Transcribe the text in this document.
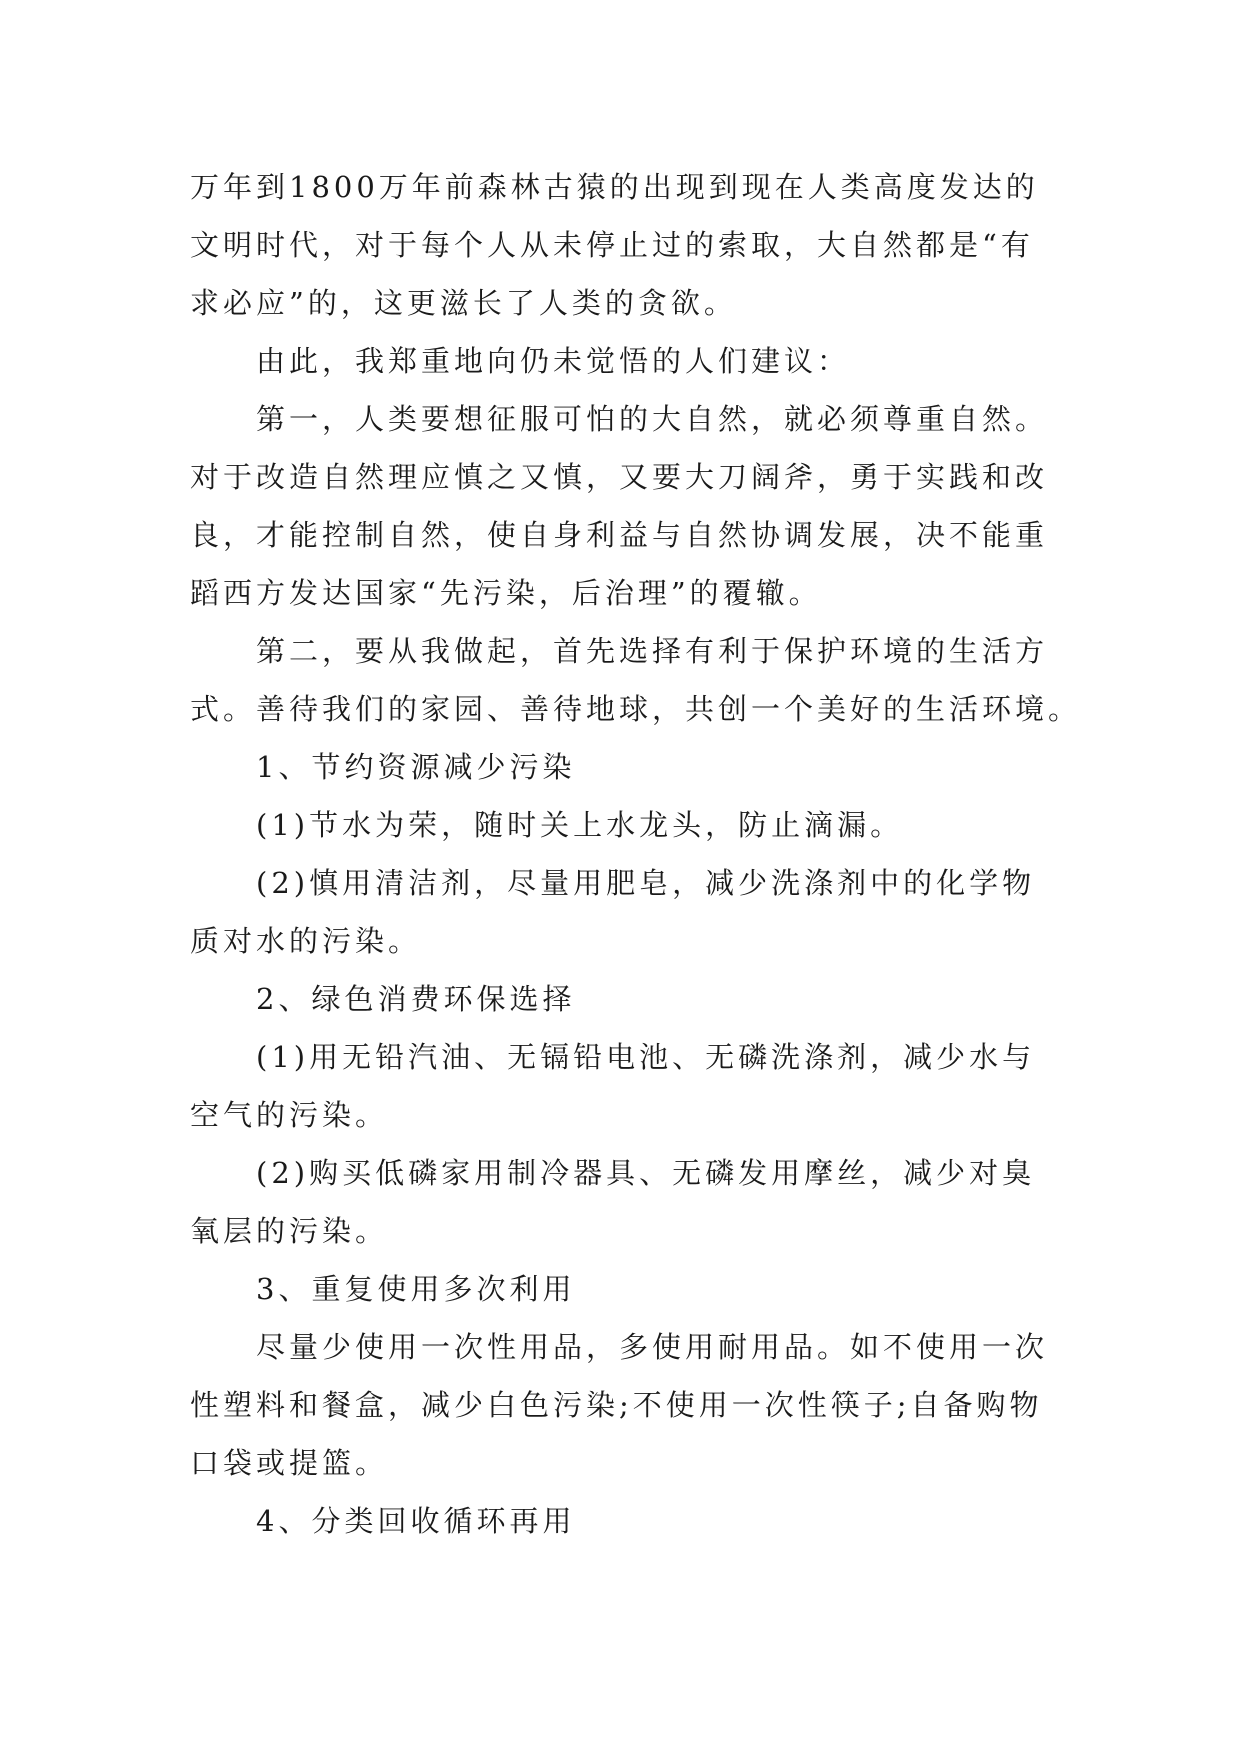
万年到1800万年前森林古猿的出现到现在人类高度发达的
文明时代，对于每个人从未停止过的索取，大自然都是“有
求必应”的，这更滋长了人类的贪欲。
由此，我郑重地向仍未觉悟的人们建议：
第一，人类要想征服可怕的大自然，就必须尊重自然。
对于改造自然理应慎之又慎，又要大刀阔斧，勇于实践和改
良，才能控制自然，使自身利益与自然协调发展，决不能重
蹈西方发达国家“先污染，后治理”的覆辙。
第二，要从我做起，首先选择有利于保护环境的生活方
式。善待我们的家园、善待地球，共创一个美好的生活环境。
1、节约资源减少污染
(1)节水为荣，随时关上水龙头，防止滴漏。
(2)慎用清洁剂，尽量用肥皂，减少洗涤剂中的化学物
质对水的污染。
2、绿色消费环保选择
(1)用无铅汽油、无镉铅电池、无磷洗涤剂，减少水与
空气的污染。
(2)购买低磷家用制冷器具、无磷发用摩丝，减少对臭
氧层的污染。
3、重复使用多次利用
尽量少使用一次性用品，多使用耐用品。如不使用一次
性塑料和餐盒，减少白色污染;不使用一次性筷子;自备购物
口袋或提篮。
4、分类回收循环再用
